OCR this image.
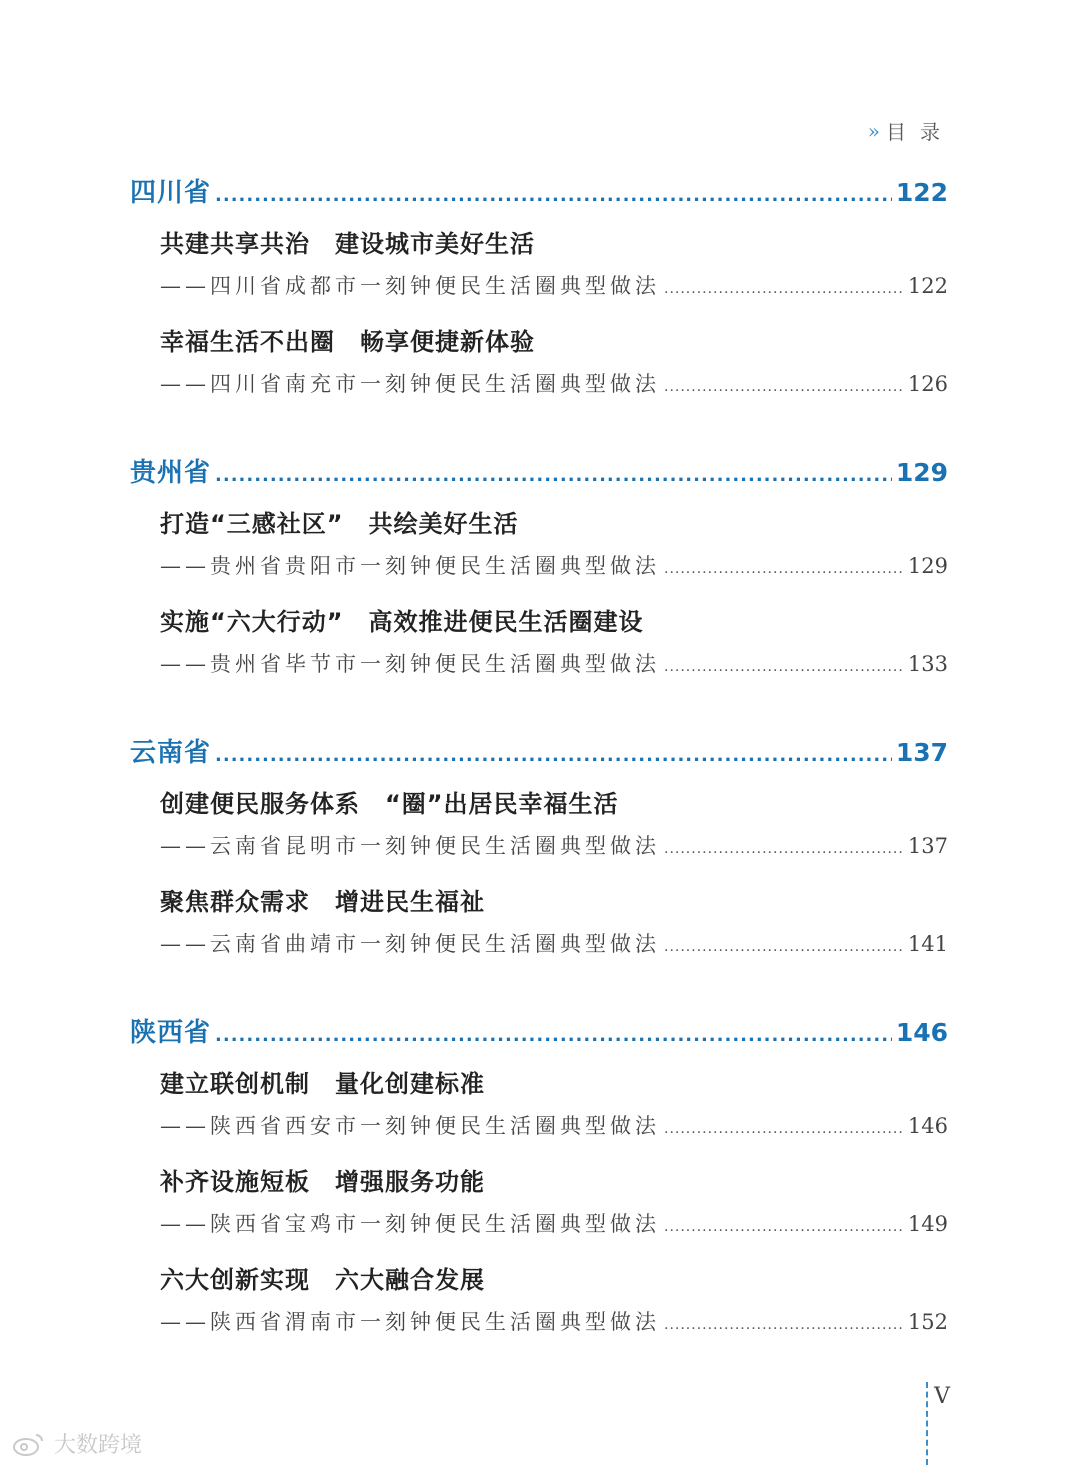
» 目录
四川省 .....	122
共建共享共治　建设城市美好生活
——四川省成都市一刻钟便民生活圈典型做法 .....	122
幸福生活不出圈　畅享便捷新体验
——四川省南充市一刻钟便民生活圈典型做法 .....	126
贵州省 .....	129
打造“三感社区”　共绘美好生活
——贵州省贵阳市一刻钟便民生活圈典型做法 .....	129
实施“六大行动”　高效推进便民生活圈建设
——贵州省毕节市一刻钟便民生活圈典型做法 .....	133
云南省 .....	137
创建便民服务体系　“圈”出居民幸福生活
——云南省昆明市一刻钟便民生活圈典型做法 .....	137
聚焦群众需求　增进民生福祉
——云南省曲靖市一刻钟便民生活圈典型做法 .....	141
陕西省 .....	146
建立联创机制　量化创建标准
——陕西省西安市一刻钟便民生活圈典型做法 .....	146
补齐设施短板　增强服务功能
——陕西省宝鸡市一刻钟便民生活圈典型做法 .....	149
六大创新实现　六大融合发展
——陕西省渭南市一刻钟便民生活圈典型做法 .....	152
V
大数跨境
